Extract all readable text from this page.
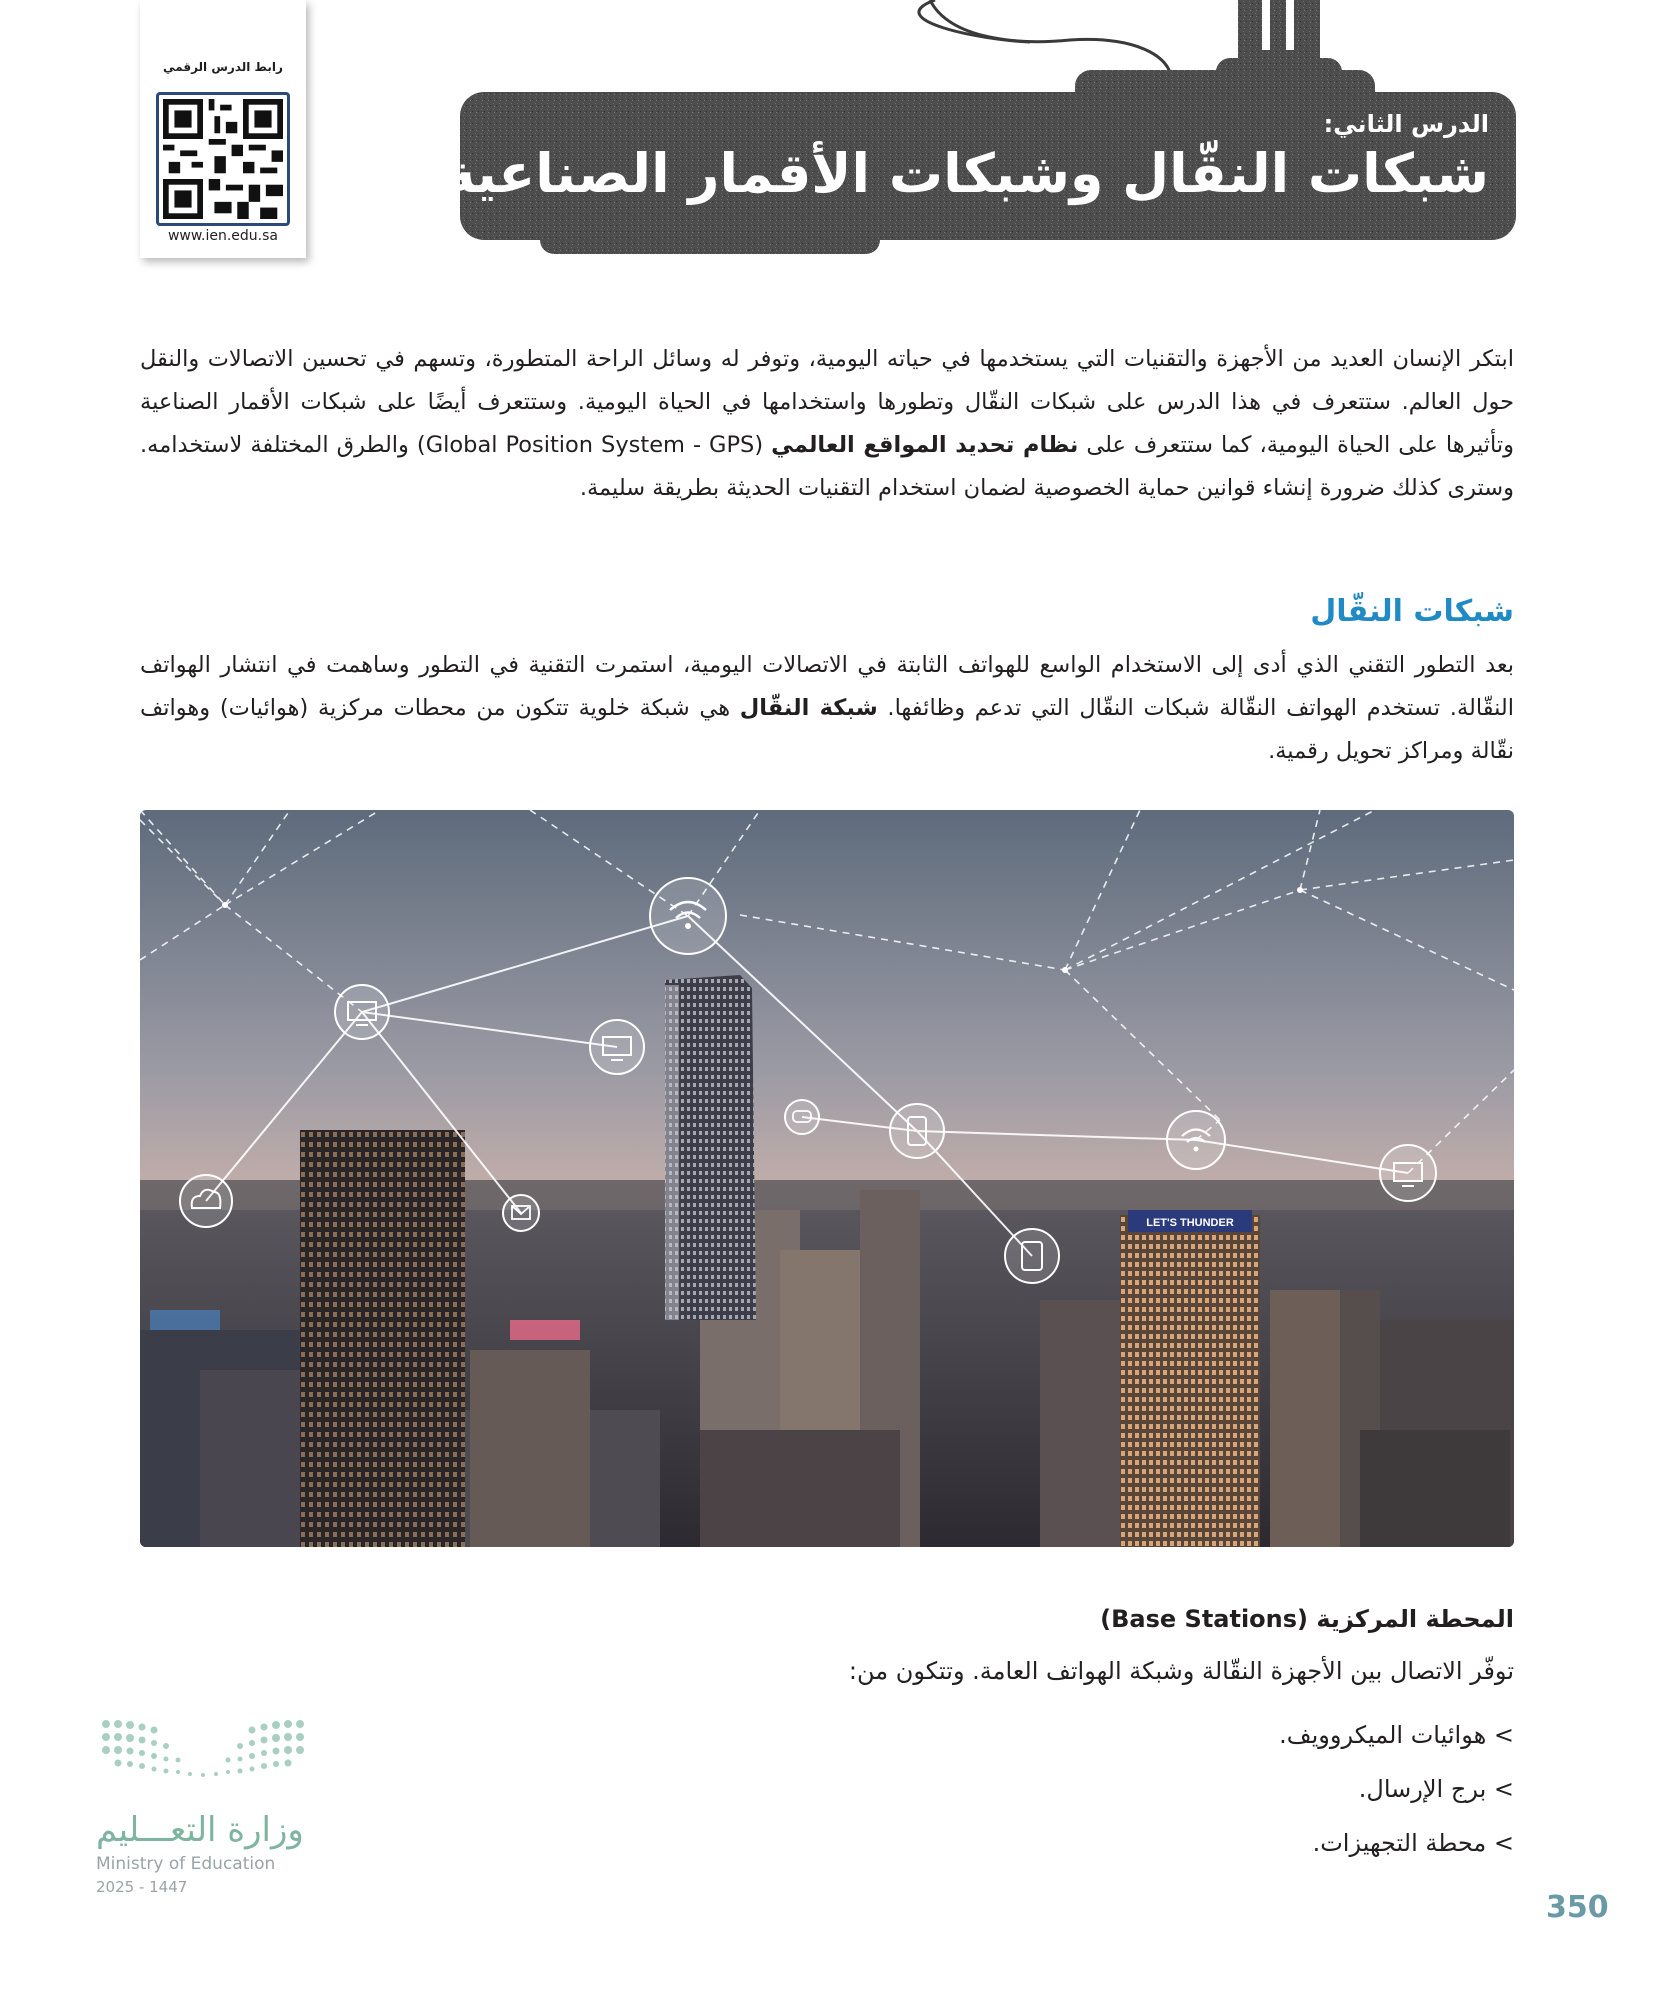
الدرس الثاني:
شبكات النقّال وشبكات الأقمار الصناعية
رابط الدرس الرقمي
www.ien.edu.sa

ابتكر الإنسان العديد من الأجهزة والتقنيات التي يستخدمها في حياته اليومية، وتوفر له وسائل الراحة المتطورة، وتسهم في تحسين الاتصالات والنقل حول العالم. ستتعرف في هذا الدرس على شبكات النقّال وتطورها واستخدامها في الحياة اليومية. وستتعرف أيضًا على شبكات الأقمار الصناعية وتأثيرها على الحياة اليومية، كما ستتعرف على نظام تحديد المواقع العالمي (Global Position System - GPS) والطرق المختلفة لاستخدامه. وسترى كذلك ضرورة إنشاء قوانين حماية الخصوصية لضمان استخدام التقنيات الحديثة بطريقة سليمة.

شبكات النقّال

بعد التطور التقني الذي أدى إلى الاستخدام الواسع للهواتف الثابتة في الاتصالات اليومية، استمرت التقنية في التطور وساهمت في انتشار الهواتف النقّالة. تستخدم الهواتف النقّالة شبكات النقّال التي تدعم وظائفها. شبكة النقّال هي شبكة خلوية تتكون من محطات مركزية (هوائيات) وهواتف نقّالة ومراكز تحويل رقمية.

LET'S THUNDER
المحطة المركزية (Base Stations)

توفّر الاتصال بين الأجهزة النقّالة وشبكة الهواتف العامة. وتتكون من:

> هوائيات الميكروويف.
> برج الإرسال.
> محطة التجهيزات.
وزارة التعـــليم
Ministry of Education
2025 - 1447
350
